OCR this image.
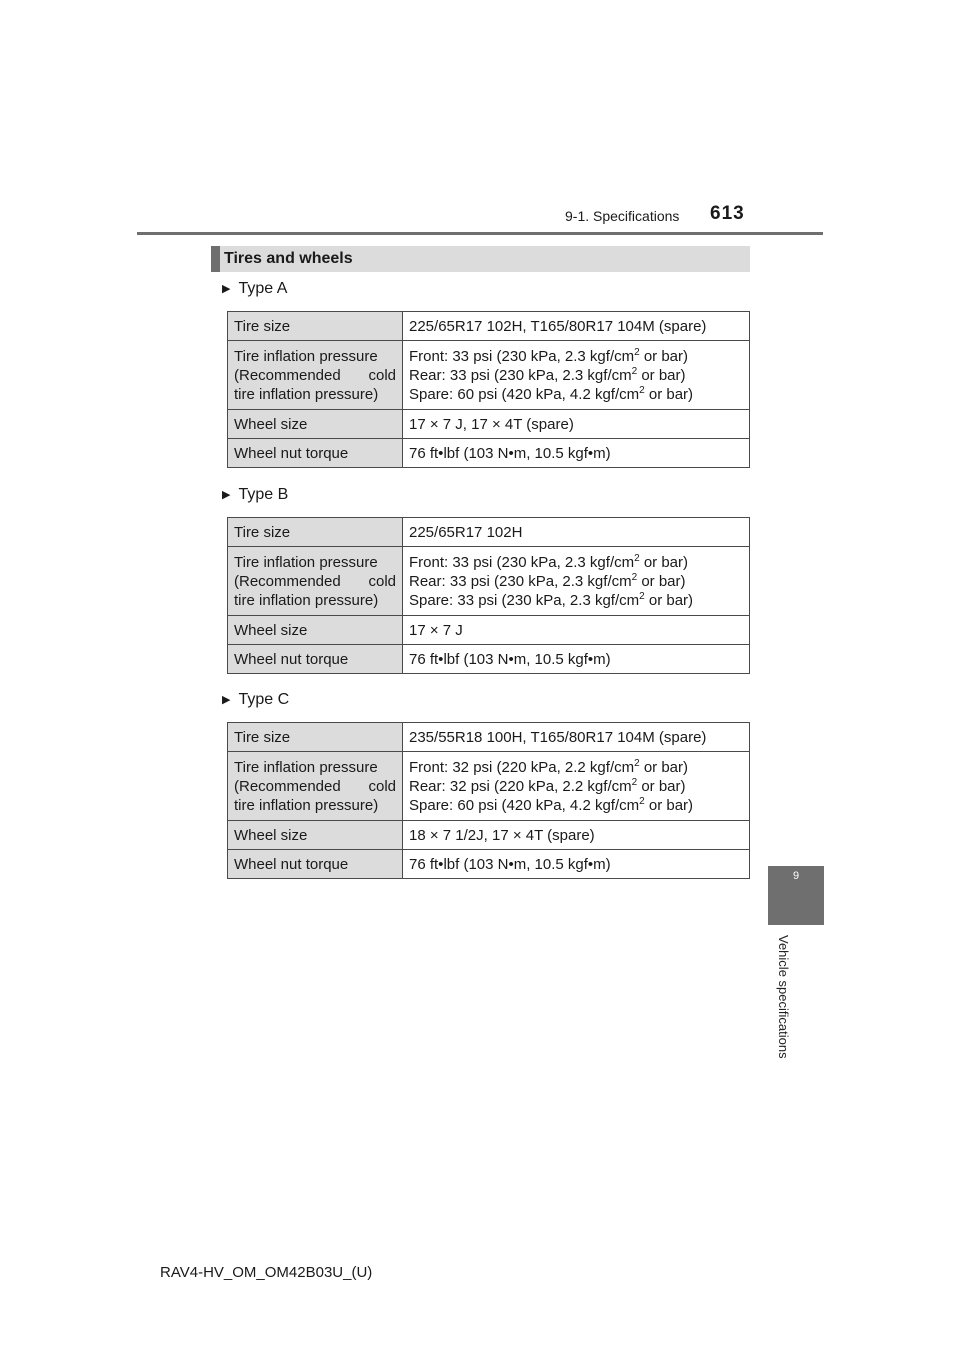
9-1. Specifications 613
Tires and wheels
▶ Type A
Tire size	225/65R17 102H, T165/80R17 104M (spare)

Tire inflation pressure
(Recommended cold
tire inflation pressure)	Front: 33 psi (230 kPa, 2.3 kgf/$cm^2$ or bar)
Rear: 33 psi (230 kPa, 2.3 kgf/$cm^2$ or bar)
Spare: 60 psi (420 kPa, 4.2 kgf/$cm^2$ or bar)

Wheel size	17 × 7 J, 17 × 4T (spare)
Wheel nut torque	76 ft•lbf (103 N•m, 10.5 kgf•m)
▶ Type B
Tire size	225/65R17 102H

Tire inflation pressure
(Recommended cold
tire inflation pressure)	Front: 33 psi (230 kPa, 2.3 kgf/$cm^2$ or bar)
Rear: 33 psi (230 kPa, 2.3 kgf/$cm^2$ or bar)
Spare: 33 psi (230 kPa, 2.3 kgf/$cm^2$ or bar)

Wheel size	17 × 7 J
Wheel nut torque	76 ft•lbf (103 N•m, 10.5 kgf•m)
▶ Type C
Tire size	235/55R18 100H, T165/80R17 104M (spare)

Tire inflation pressure
(Recommended cold
tire inflation pressure)	Front: 32 psi (220 kPa, 2.2 kgf/$cm^2$ or bar)
Rear: 32 psi (220 kPa, 2.2 kgf/$cm^2$ or bar)
Spare: 60 psi (420 kPa, 4.2 kgf/$cm^2$ or bar)

Wheel size	18 × 7 1/2J, 17 × 4T (spare)
Wheel nut torque	76 ft•lbf (103 N•m, 10.5 kgf•m)
9
Vehicle specifications
RAV4-HV_OM_OM42B03U_(U)
